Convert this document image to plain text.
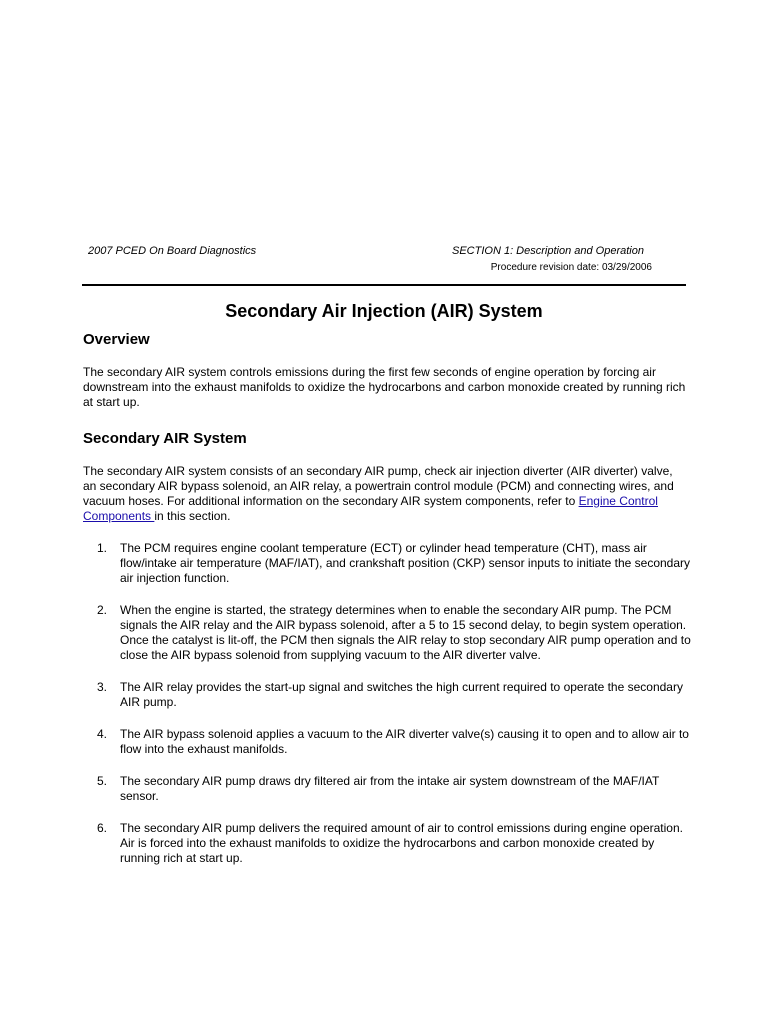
2007 PCED On Board Diagnostics	SECTION 1: Description and Operation
Procedure revision date: 03/29/2006
Secondary Air Injection (AIR) System
Overview
The secondary AIR system controls emissions during the first few seconds of engine operation by forcing air downstream into the exhaust manifolds to oxidize the hydrocarbons and carbon monoxide created by running rich at start up.
Secondary AIR System
The secondary AIR system consists of an secondary AIR pump, check air injection diverter (AIR diverter) valve, an secondary AIR bypass solenoid, an AIR relay, a powertrain control module (PCM) and connecting wires, and vacuum hoses. For additional information on the secondary AIR system components, refer to Engine Control Components in this section.
1. The PCM requires engine coolant temperature (ECT) or cylinder head temperature (CHT), mass air flow/intake air temperature (MAF/IAT), and crankshaft position (CKP) sensor inputs to initiate the secondary air injection function.
2. When the engine is started, the strategy determines when to enable the secondary AIR pump. The PCM signals the AIR relay and the AIR bypass solenoid, after a 5 to 15 second delay, to begin system operation. Once the catalyst is lit-off, the PCM then signals the AIR relay to stop secondary AIR pump operation and to close the AIR bypass solenoid from supplying vacuum to the AIR diverter valve.
3. The AIR relay provides the start-up signal and switches the high current required to operate the secondary AIR pump.
4. The AIR bypass solenoid applies a vacuum to the AIR diverter valve(s) causing it to open and to allow air to flow into the exhaust manifolds.
5. The secondary AIR pump draws dry filtered air from the intake air system downstream of the MAF/IAT sensor.
6. The secondary AIR pump delivers the required amount of air to control emissions during engine operation. Air is forced into the exhaust manifolds to oxidize the hydrocarbons and carbon monoxide created by running rich at start up.
